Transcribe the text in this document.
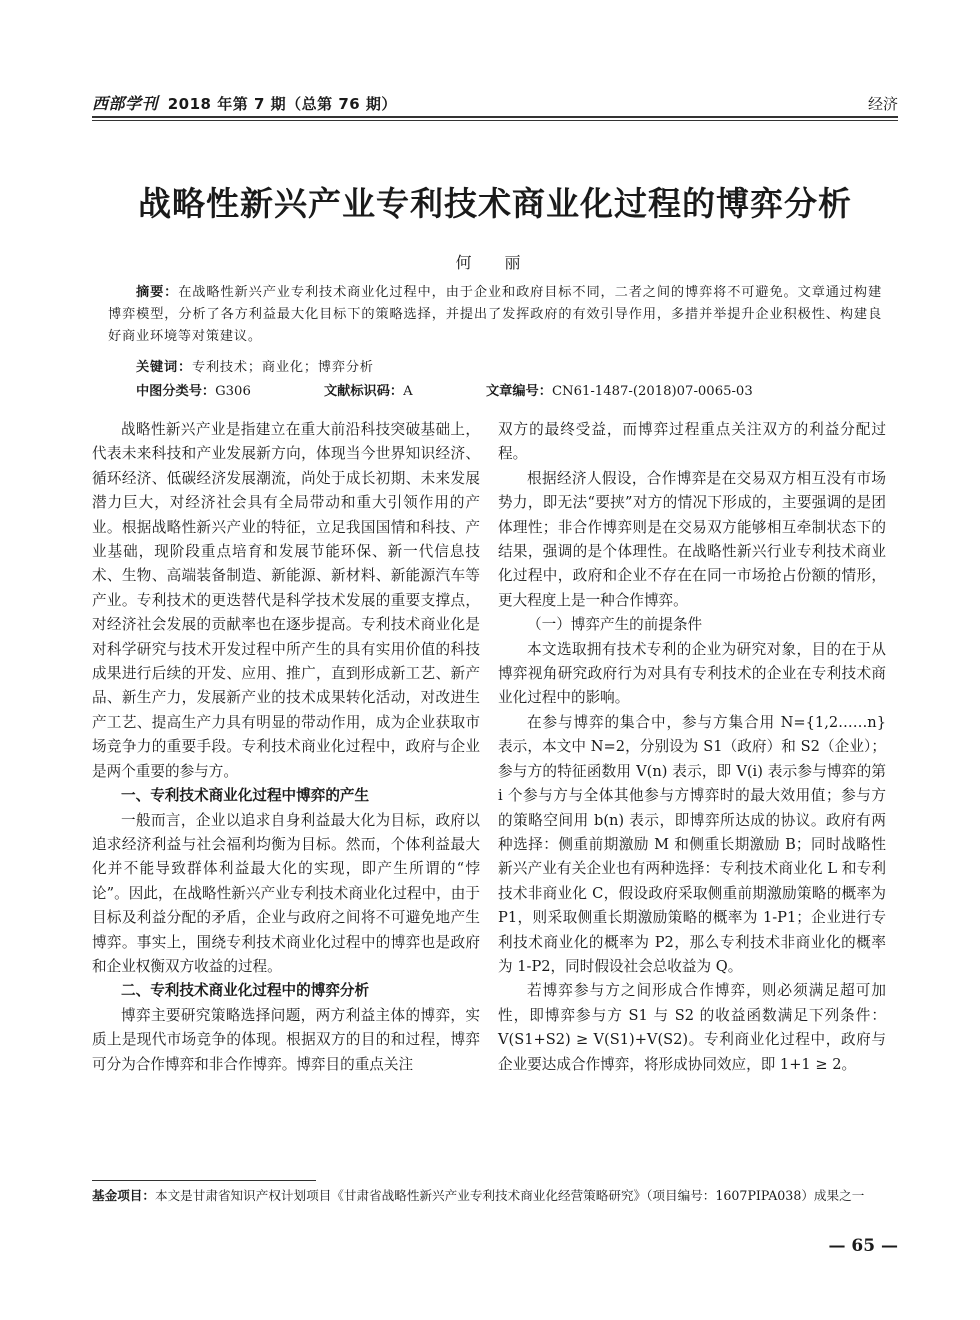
西部学刊 2018 年第 7 期（总第 76 期）	经济
战略性新兴产业专利技术商业化过程的博弈分析
何 丽
摘要：在战略性新兴产业专利技术商业化过程中，由于企业和政府目标不同，二者之间的博弈将不可避免。文章通过构建博弈模型，分析了各方利益最大化目标下的策略选择，并提出了发挥政府的有效引导作用，多措并举提升企业积极性、构建良好商业环境等对策建议。
关键词：专利技术；商业化；博弈分析
中图分类号：G306	文献标识码：A	文章编号：CN61-1487-(2018)07-0065-03

战略性新兴产业是指建立在重大前沿科技突破基础上，代表未来科技和产业发展新方向，体现当今世界知识经济、循环经济、低碳经济发展潮流，尚处于成长初期、未来发展潜力巨大，对经济社会具有全局带动和重大引领作用的产业。根据战略性新兴产业的特征，立足我国国情和科技、产业基础，现阶段重点培育和发展节能环保、新一代信息技术、生物、高端装备制造、新能源、新材料、新能源汽车等产业。专利技术的更迭替代是科学技术发展的重要支撑点，对经济社会发展的贡献率也在逐步提高。专利技术商业化是对科学研究与技术开发过程中所产生的具有实用价值的科技成果进行后续的开发、应用、推广，直到形成新工艺、新产品、新生产力，发展新产业的技术成果转化活动，对改进生产工艺、提高生产力具有明显的带动作用，成为企业获取市场竞争力的重要手段。专利技术商业化过程中，政府与企业是两个重要的参与方。

一、专利技术商业化过程中博弈的产生

一般而言，企业以追求自身利益最大化为目标，政府以追求经济利益与社会福利均衡为目标。然而，个体利益最大化并不能导致群体利益最大化的实现，即产生所谓的“悖论”。因此，在战略性新兴产业专利技术商业化过程中，由于目标及利益分配的矛盾，企业与政府之间将不可避免地产生博弈。事实上，围绕专利技术商业化过程中的博弈也是政府和企业权衡双方收益的过程。

二、专利技术商业化过程中的博弈分析

博弈主要研究策略选择问题，两方利益主体的博弈，实质上是现代市场竞争的体现。根据双方的目的和过程，博弈可分为合作博弈和非合作博弈。博弈目的重点关注

双方的最终受益，而博弈过程重点关注双方的利益分配过程。

根据经济人假设，合作博弈是在交易双方相互没有市场势力，即无法“要挟”对方的情况下形成的，主要强调的是团体理性；非合作博弈则是在交易双方能够相互牵制状态下的结果，强调的是个体理性。在战略性新兴行业专利技术商业化过程中，政府和企业不存在在同一市场抢占份额的情形，更大程度上是一种合作博弈。

（一）博弈产生的前提条件

本文选取拥有技术专利的企业为研究对象，目的在于从博弈视角研究政府行为对具有专利技术的企业在专利技术商业化过程中的影响。

在参与博弈的集合中，参与方集合用 N={1,2……n} 表示，本文中 N=2，分别设为 S1（政府）和 S2（企业）；参与方的特征函数用 V(n) 表示，即 V(i) 表示参与博弈的第 i 个参与方与全体其他参与方博弈时的最大效用值；参与方的策略空间用 b(n) 表示，即博弈所达成的协议。政府有两种选择：侧重前期激励 M 和侧重长期激励 B；同时战略性新兴产业有关企业也有两种选择：专利技术商业化 L 和专利技术非商业化 C，假设政府采取侧重前期激励策略的概率为 P1，则采取侧重长期激励策略的概率为 1-P1；企业进行专利技术商业化的概率为 P2，那么专利技术非商业化的概率为 1-P2，同时假设社会总收益为 Q。

若博弈参与方之间形成合作博弈，则必须满足超可加性，即博弈参与方 S1 与 S2 的收益函数满足下列条件：V(S1+S2) ≥ V(S1)+V(S2)。专利商业化过程中，政府与企业要达成合作博弈，将形成协同效应，即 1+1 ≥ 2。

基金项目：本文是甘肃省知识产权计划项目《甘肃省战略性新兴产业专利技术商业化经营策略研究》（项目编号：1607PIPA038）成果之一
— 65 —
